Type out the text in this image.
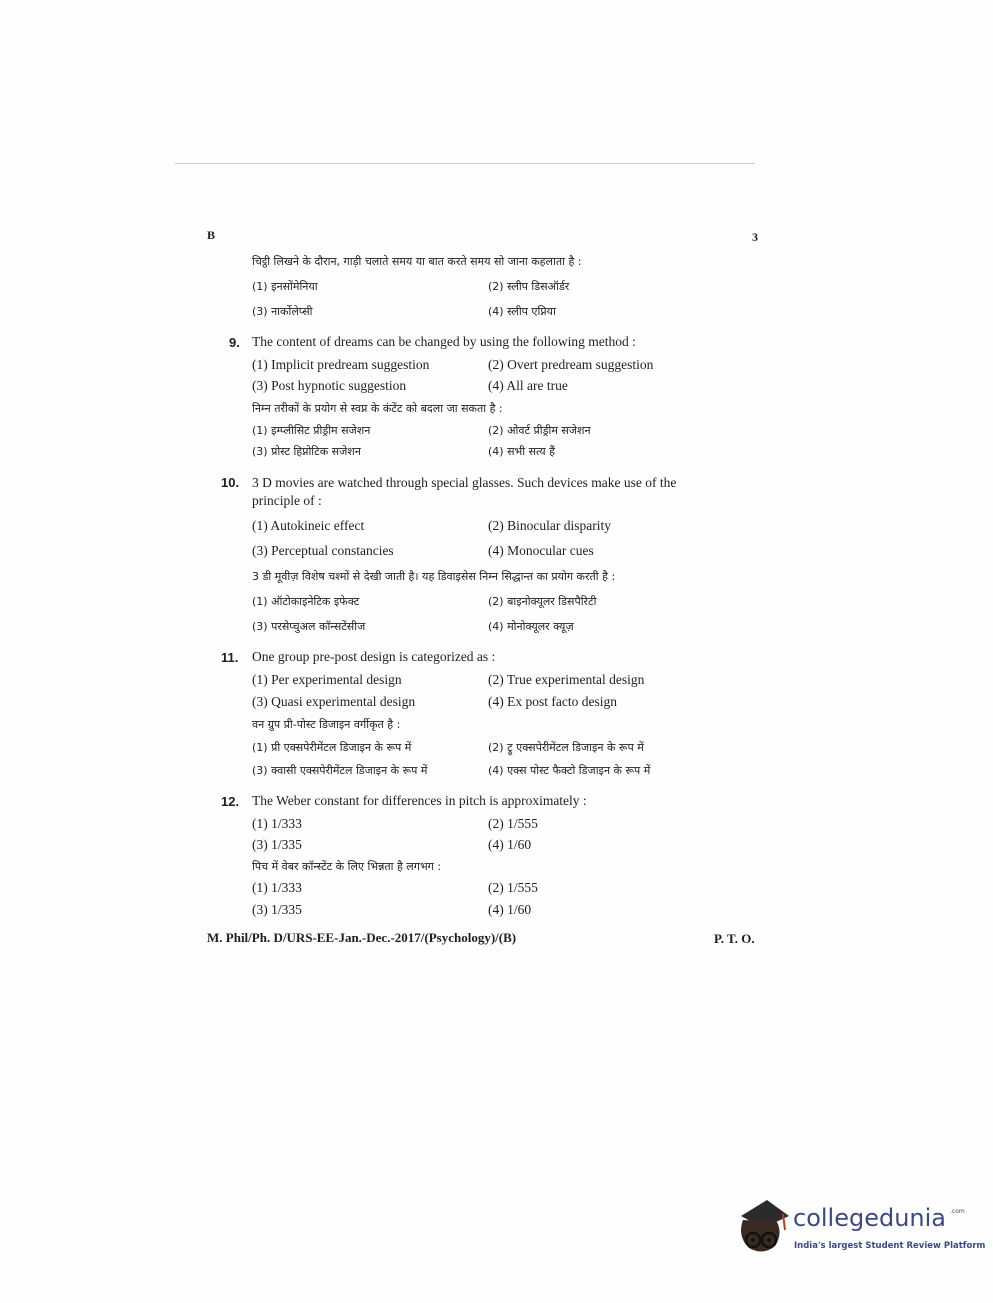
B	3
चिट्ठी लिखने के दौरान, गाड़ी चलाते समय या बात करते समय सो जाना कहलाता है :
(1) इनसोंमेनिया	(2) स्लीप डिसऑर्डर
(3) नार्कोलेप्सी	(4) स्लीप एप्निया
9. The content of dreams can be changed by using the following method :
(1) Implicit predream suggestion	(2) Overt predream suggestion
(3) Post hypnotic suggestion	(4) All are true
निम्न तरीकों के प्रयोग से स्वप्न के कंटेंट को बदला जा सकता है :
(1) इम्प्लीसिट प्रीड्रीम सजेशन	(2) ओवर्ट प्रीड्रीम सजेशन
(3) प्रोस्ट हिप्नोटिक सजेशन	(4) सभी सत्य हैं
10. 3 D movies are watched through special glasses. Such devices make use of the
principle of :
(1) Autokineic effect	(2) Binocular disparity
(3) Perceptual constancies	(4) Monocular cues
3 डी मूवीज़ विशेष चश्मों से देखी जाती है। यह डिवाइसेस निम्न सिद्धान्त का प्रयोग करती है :
(1) ऑटोकाइनेटिक इफेक्ट	(2) बाइनोक्यूलर डिसपैरिटी
(3) परसेप्चुअल कॉन्सटेंसीज	(4) मोनोक्यूलर क्यूज़
11. One group pre-post design is categorized as :
(1) Per experimental design	(2) True experimental design
(3) Quasi experimental design	(4) Ex post facto design
वन ग्रुप प्री-पोस्ट डिजाइन वर्गीकृत है :
(1) प्री एक्सपेरीमेंटल डिजाइन के रूप में	(2) ट्रू एक्सपेरीमेंटल डिजाइन के रूप में
(3) क्वासी एक्सपेरीमेंटल डिजाइन के रूप में	(4) एक्स पोस्ट फैक्टो डिजाइन के रूप में
12. The Weber constant for differences in pitch is approximately :
(1) 1/333	(2) 1/555
(3) 1/335	(4) 1/60
पिच में वेबर कॉन्स्टेंट के लिए भिन्नता है लगभग :
(1) 1/333	(2) 1/555
(3) 1/335	(4) 1/60
M. Phil/Ph. D/URS-EE-Jan.-Dec.-2017/(Psychology)/(B)	P. T. O.
collegedunia .com
India's largest Student Review Platform
